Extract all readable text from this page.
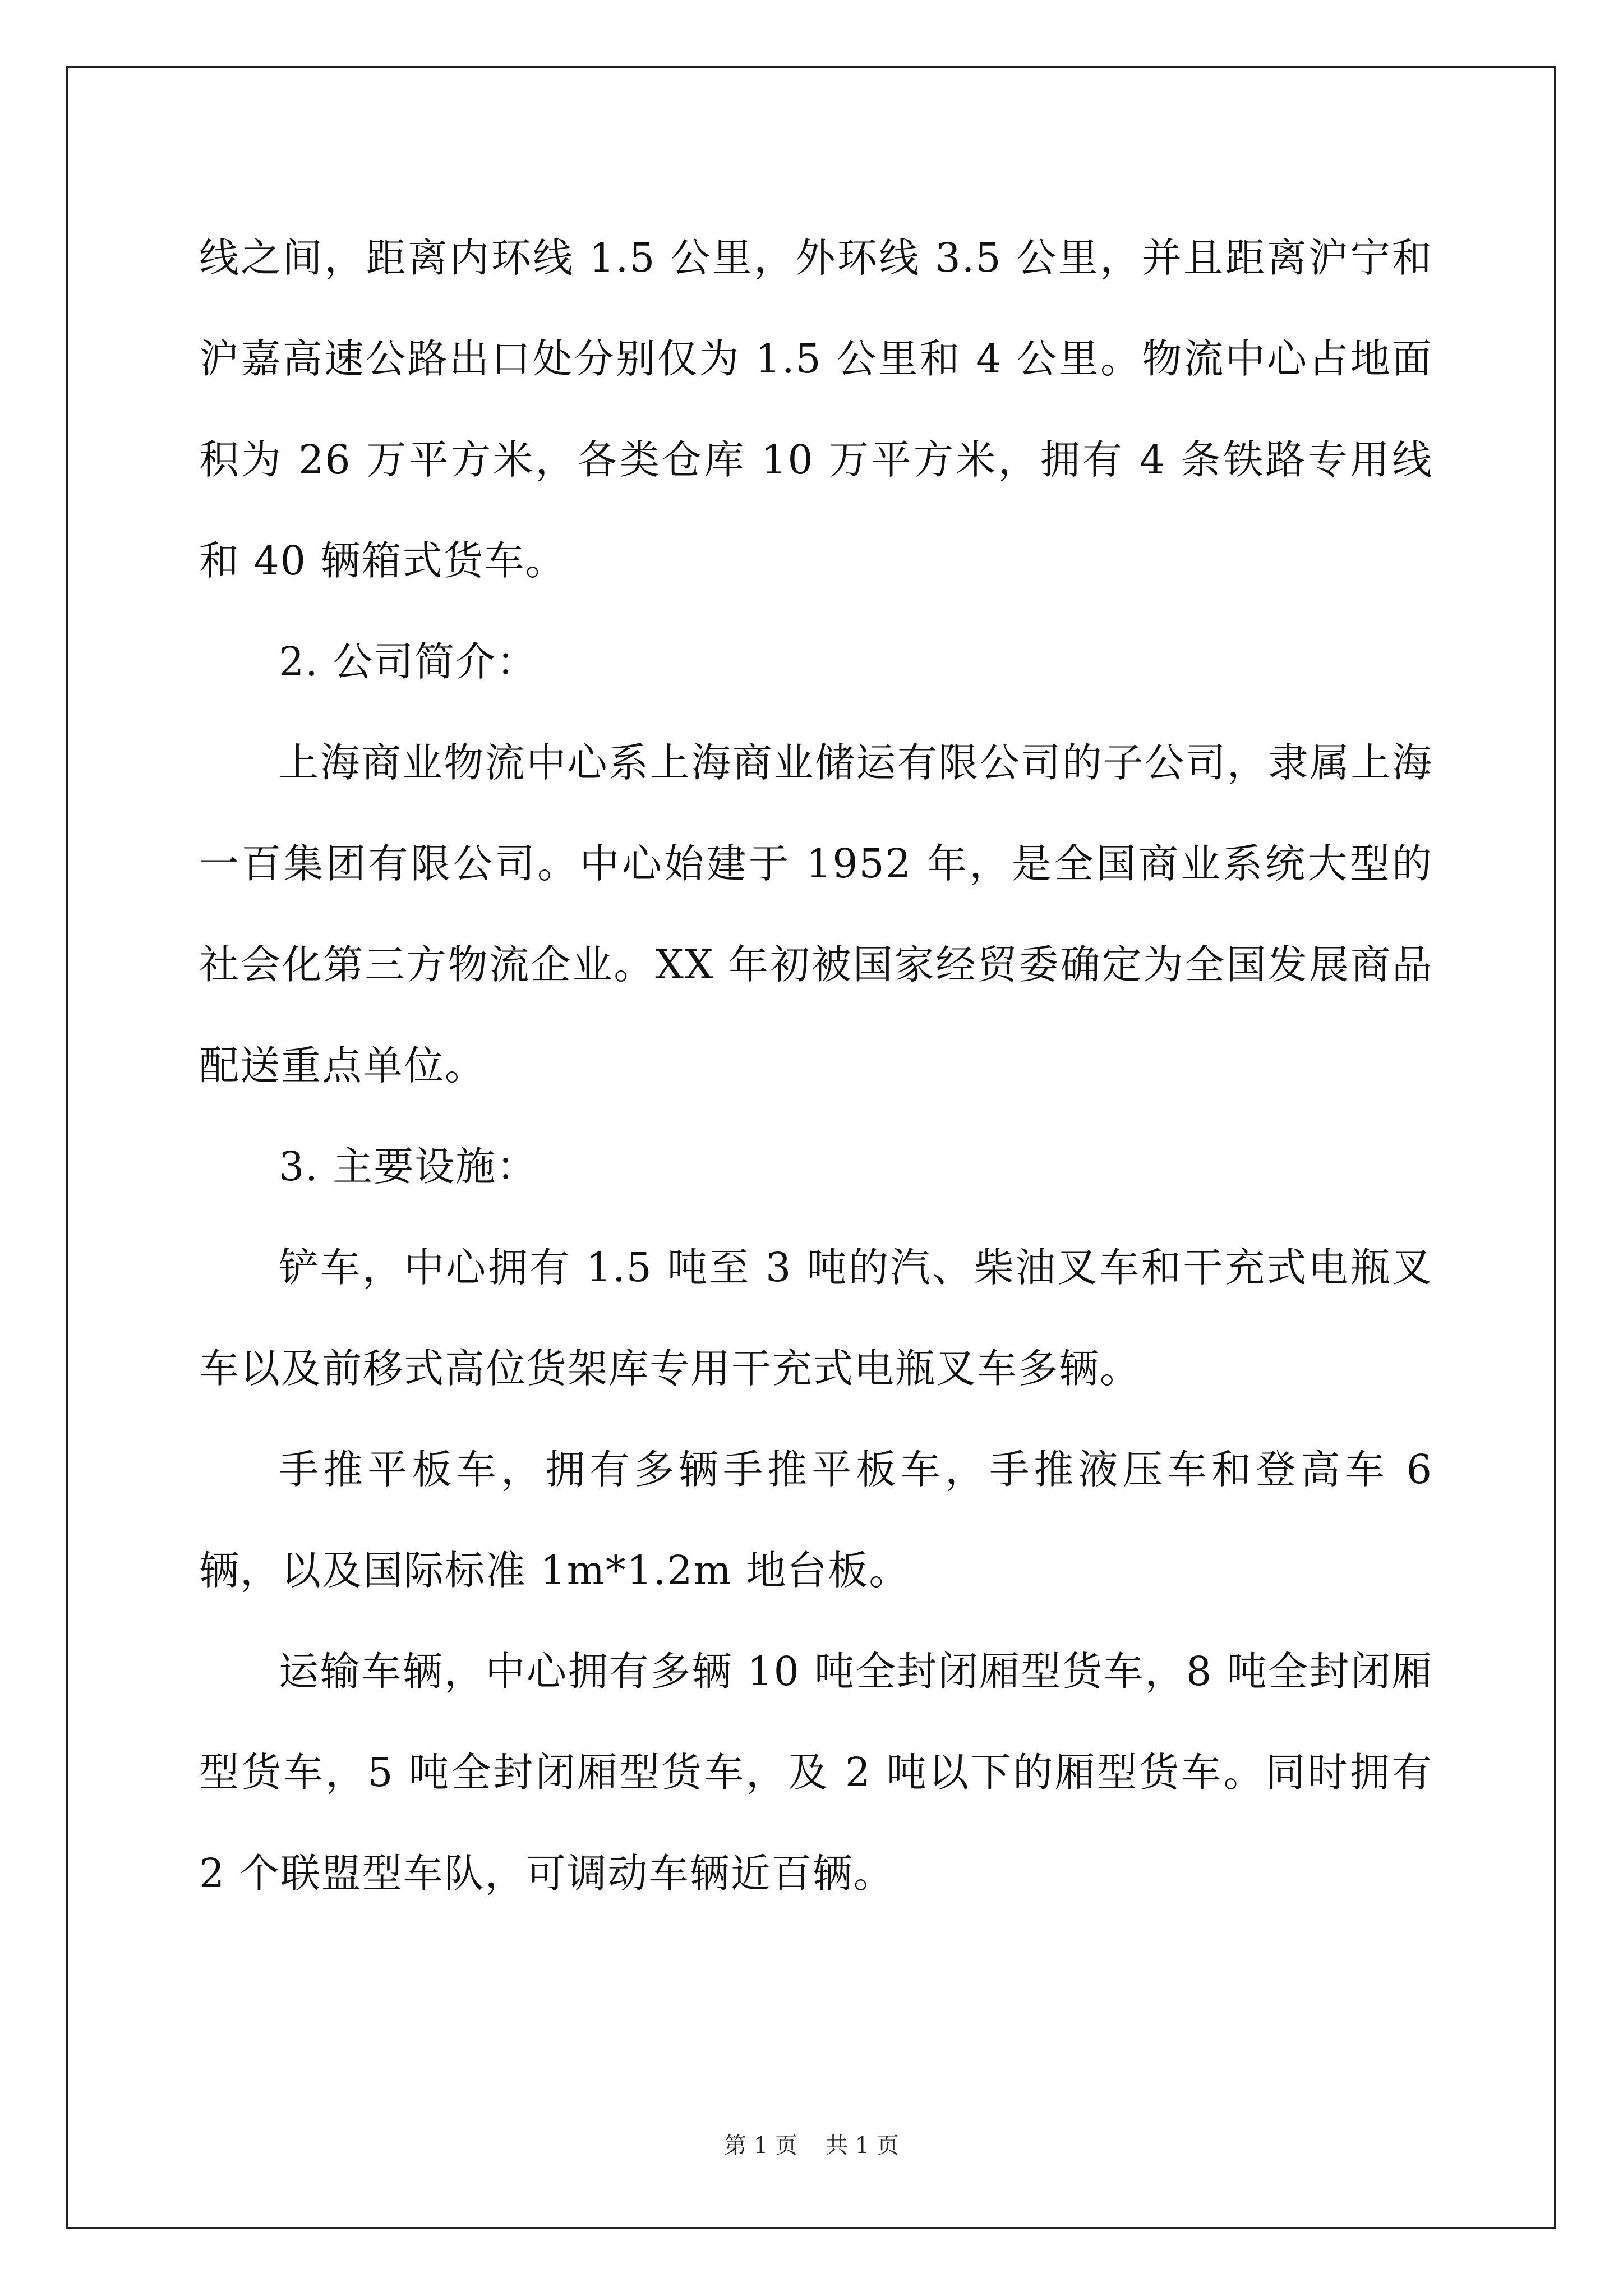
线之间，距离内环线 1.5 公里，外环线 3.5 公里，并且距离沪宁和沪嘉高速公路出口处分别仅为 1.5 公里和 4 公里。物流中心占地面积为 26 万平方米，各类仓库 10 万平方米，拥有 4 条铁路专用线和 40 辆箱式货车。

2. 公司简介：

上海商业物流中心系上海商业储运有限公司的子公司，隶属上海一百集团有限公司。中心始建于 1952 年，是全国商业系统大型的社会化第三方物流企业。XX 年初被国家经贸委确定为全国发展商品配送重点单位。

3. 主要设施：

铲车，中心拥有 1.5 吨至 3 吨的汽、柴油叉车和干充式电瓶叉车以及前移式高位货架库专用干充式电瓶叉车多辆。

手推平板车，拥有多辆手推平板车，手推液压车和登高车 6 辆，以及国际标准 1m*1.2m 地台板。

运输车辆，中心拥有多辆 10 吨全封闭厢型货车，8 吨全封闭厢型货车，5 吨全封闭厢型货车，及 2 吨以下的厢型货车。同时拥有 2 个联盟型车队，可调动车辆近百辆。

第 1 页 共 1 页
